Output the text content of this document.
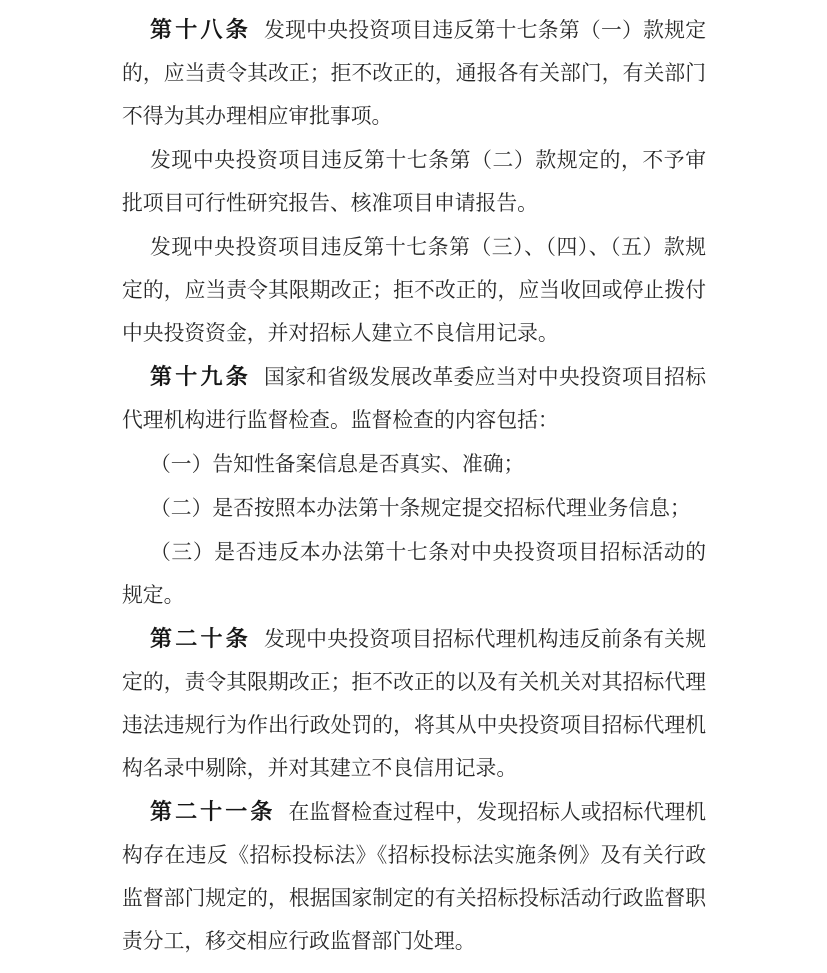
第十八条 发现中央投资项目违反第十七条第（一）款规定的，应当责令其改正；拒不改正的，通报各有关部门，有关部门不得为其办理相应审批事项。

发现中央投资项目违反第十七条第（二）款规定的，不予审批项目可行性研究报告、核准项目申请报告。

发现中央投资项目违反第十七条第（三）、（四）、（五）款规定的，应当责令其限期改正；拒不改正的，应当收回或停止拨付中央投资资金，并对招标人建立不良信用记录。

第十九条 国家和省级发展改革委应当对中央投资项目招标代理机构进行监督检查。监督检查的内容包括：

（一）告知性备案信息是否真实、准确；

（二）是否按照本办法第十条规定提交招标代理业务信息；

（三）是否违反本办法第十七条对中央投资项目招标活动的规定。

第二十条 发现中央投资项目招标代理机构违反前条有关规定的，责令其限期改正；拒不改正的以及有关机关对其招标代理违法违规行为作出行政处罚的，将其从中央投资项目招标代理机构名录中剔除，并对其建立不良信用记录。

第二十一条 在监督检查过程中，发现招标人或招标代理机构存在违反《招标投标法》《招标投标法实施条例》及有关行政监督部门规定的，根据国家制定的有关招标投标活动行政监督职责分工，移交相应行政监督部门处理。
